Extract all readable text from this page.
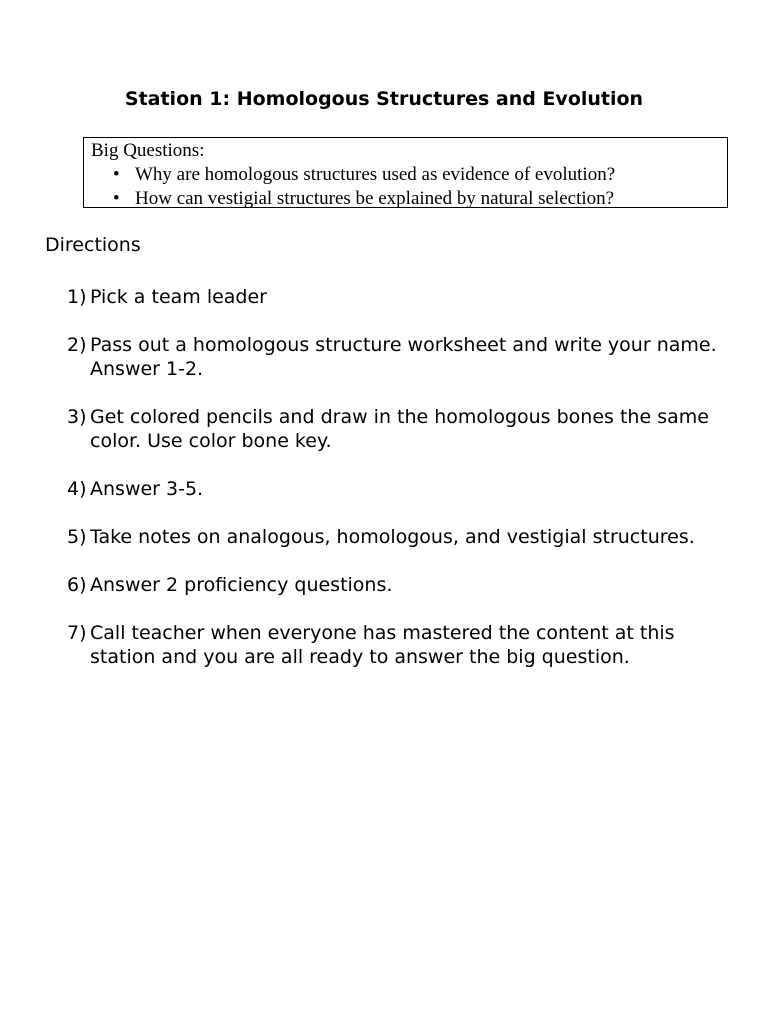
Station 1: Homologous Structures and Evolution
Big Questions:
• Why are homologous structures used as evidence of evolution?
• How can vestigial structures be explained by natural selection?
Directions
1) Pick a team leader
2) Pass out a homologous structure worksheet and write your name. Answer 1-2.
3) Get colored pencils and draw in the homologous bones the same color. Use color bone key.
4) Answer 3-5.
5) Take notes on analogous, homologous, and vestigial structures.
6) Answer 2 proficiency questions.
7) Call teacher when everyone has mastered the content at this station and you are all ready to answer the big question.
